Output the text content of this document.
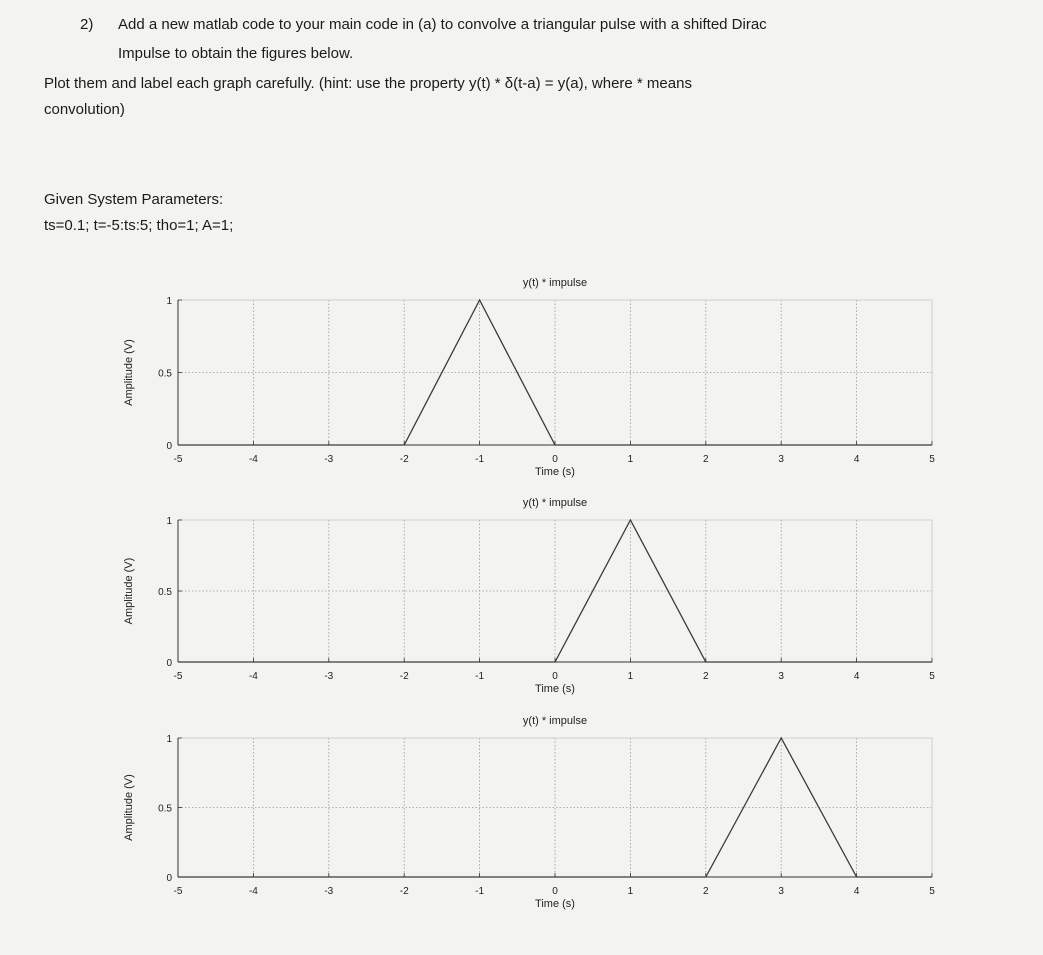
2) Add a new matlab code to your main code in (a) to convolve a triangular pulse with a shifted Dirac
Impulse to obtain the figures below.
Plot them and label each graph carefully. (hint: use the property y(t) * δ(t-a) = y(a), where * means
convolution)
Given System Parameters:
ts=0.1; t=-5:ts:5; tho=1; A=1;
-5	-4	-3	-2	-1	0	1	2	3	4	5
0
0.5
1
y(t) * impulse
Time (s)
Amplitude (V)
-5	-4	-3	-2	-1	0	1	2	3	4	5
0
0.5
1
y(t) * impulse
Time (s)
Amplitude (V)
-5	-4	-3	-2	-1	0	1	2	3	4	5
0
0.5
1
y(t) * impulse
Time (s)
Amplitude (V)
